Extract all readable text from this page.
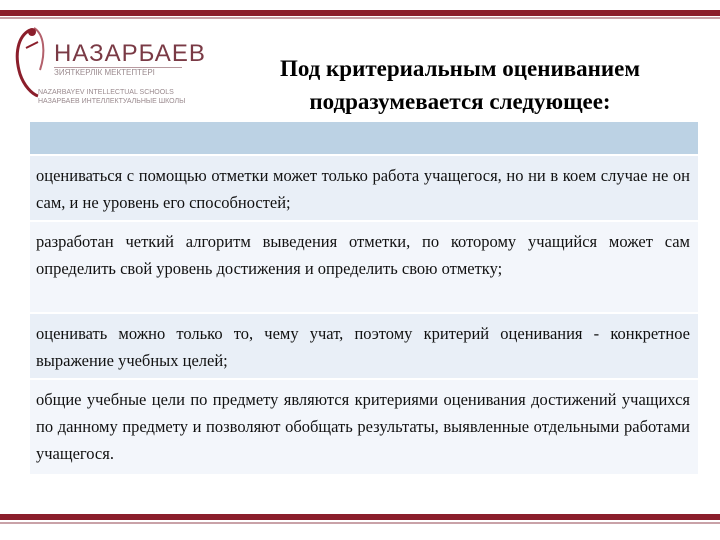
НАЗАРБАЕВ
ЗИЯТКЕРЛІК МЕКТЕПТЕРІ
NAZARBAYEV INTELLECTUAL SCHOOLS
НАЗАРБАЕВ ИНТЕЛЛЕКТУАЛЬНЫЕ ШКОЛЫ
Под критериальным оцениванием
подразумевается следующее:
оцениваться с помощью отметки может только работа учащегося, но ни в коем случае не он сам, и не уровень его способностей;
разработан четкий алгоритм выведения отметки, по которому учащийся может сам определить свой уровень достижения и определить свою отметку;
оценивать можно только то, чему учат, поэтому критерий оценивания - конкретное выражение учебных целей;
общие учебные цели по предмету являются критериями оценивания достижений учащихся по данному предмету и позволяют обобщать результаты, выявленные отдельными работами учащегося.
